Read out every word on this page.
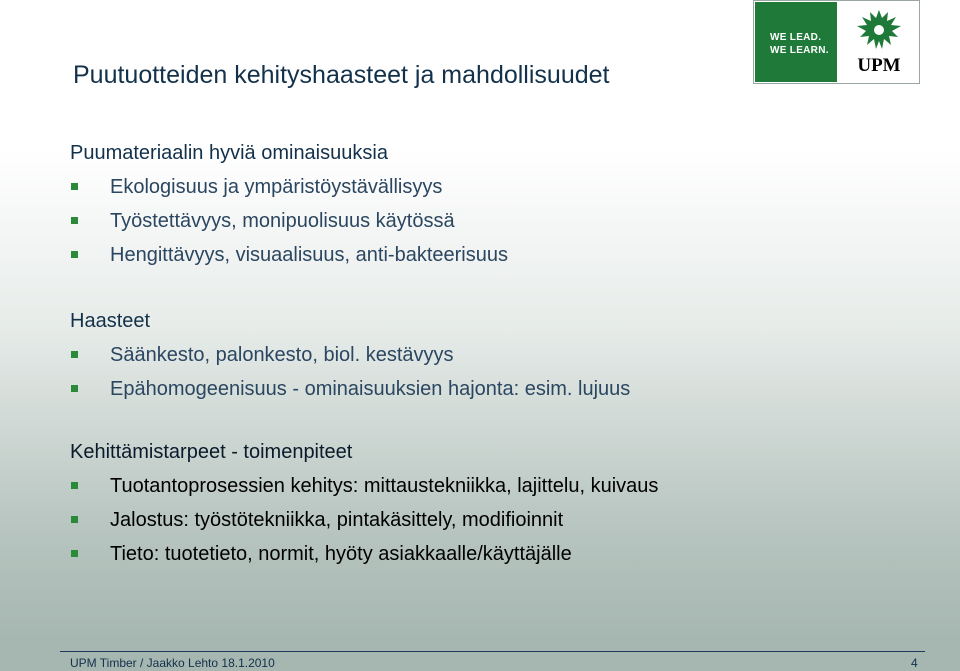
Puutuotteiden kehityshaasteet ja mahdollisuudet
WE LEAD.
WE LEARN.
UPM
Puumateriaalin hyviä ominaisuuksia
Ekologisuus ja ympäristöystävällisyys
Työstettävyys, monipuolisuus käytössä
Hengittävyys, visuaalisuus, anti-bakteerisuus
Haasteet
Säänkesto, palonkesto, biol. kestävyys
Epähomogeenisuus - ominaisuuksien hajonta: esim. lujuus
Kehittämistarpeet - toimenpiteet
Tuotantoprosessien kehitys: mittaustekniikka, lajittelu, kuivaus
Jalostus: työstötekniikka, pintakäsittely, modifioinnit
Tieto: tuotetieto, normit, hyöty asiakkaalle/käyttäjälle
UPM Timber / Jaakko Lehto 18.1.2010	4
